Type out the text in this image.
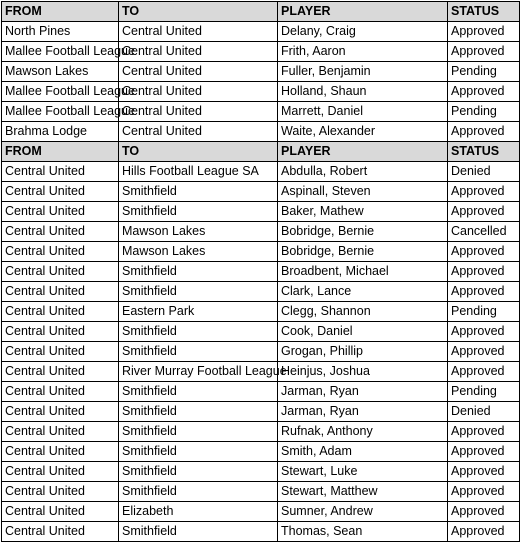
FROM	TO	PLAYER	STATUS
North Pines	Central United	Delany, Craig	Approved
Mallee Football League	Central United	Frith, Aaron	Approved
Mawson Lakes	Central United	Fuller, Benjamin	Pending
Mallee Football League	Central United	Holland, Shaun	Approved
Mallee Football League	Central United	Marrett, Daniel	Pending
Brahma Lodge	Central United	Waite, Alexander	Approved
FROM	TO	PLAYER	STATUS
Central United	Hills Football League SA	Abdulla, Robert	Denied
Central United	Smithfield	Aspinall, Steven	Approved
Central United	Smithfield	Baker, Mathew	Approved
Central United	Mawson Lakes	Bobridge, Bernie	Cancelled
Central United	Mawson Lakes	Bobridge, Bernie	Approved
Central United	Smithfield	Broadbent, Michael	Approved
Central United	Smithfield	Clark, Lance	Approved
Central United	Eastern Park	Clegg, Shannon	Pending
Central United	Smithfield	Cook, Daniel	Approved
Central United	Smithfield	Grogan, Phillip	Approved
Central United	River Murray Football League	Heinjus, Joshua	Approved
Central United	Smithfield	Jarman, Ryan	Pending
Central United	Smithfield	Jarman, Ryan	Denied
Central United	Smithfield	Rufnak, Anthony	Approved
Central United	Smithfield	Smith, Adam	Approved
Central United	Smithfield	Stewart, Luke	Approved
Central United	Smithfield	Stewart, Matthew	Approved
Central United	Elizabeth	Sumner, Andrew	Approved
Central United	Smithfield	Thomas, Sean	Approved
